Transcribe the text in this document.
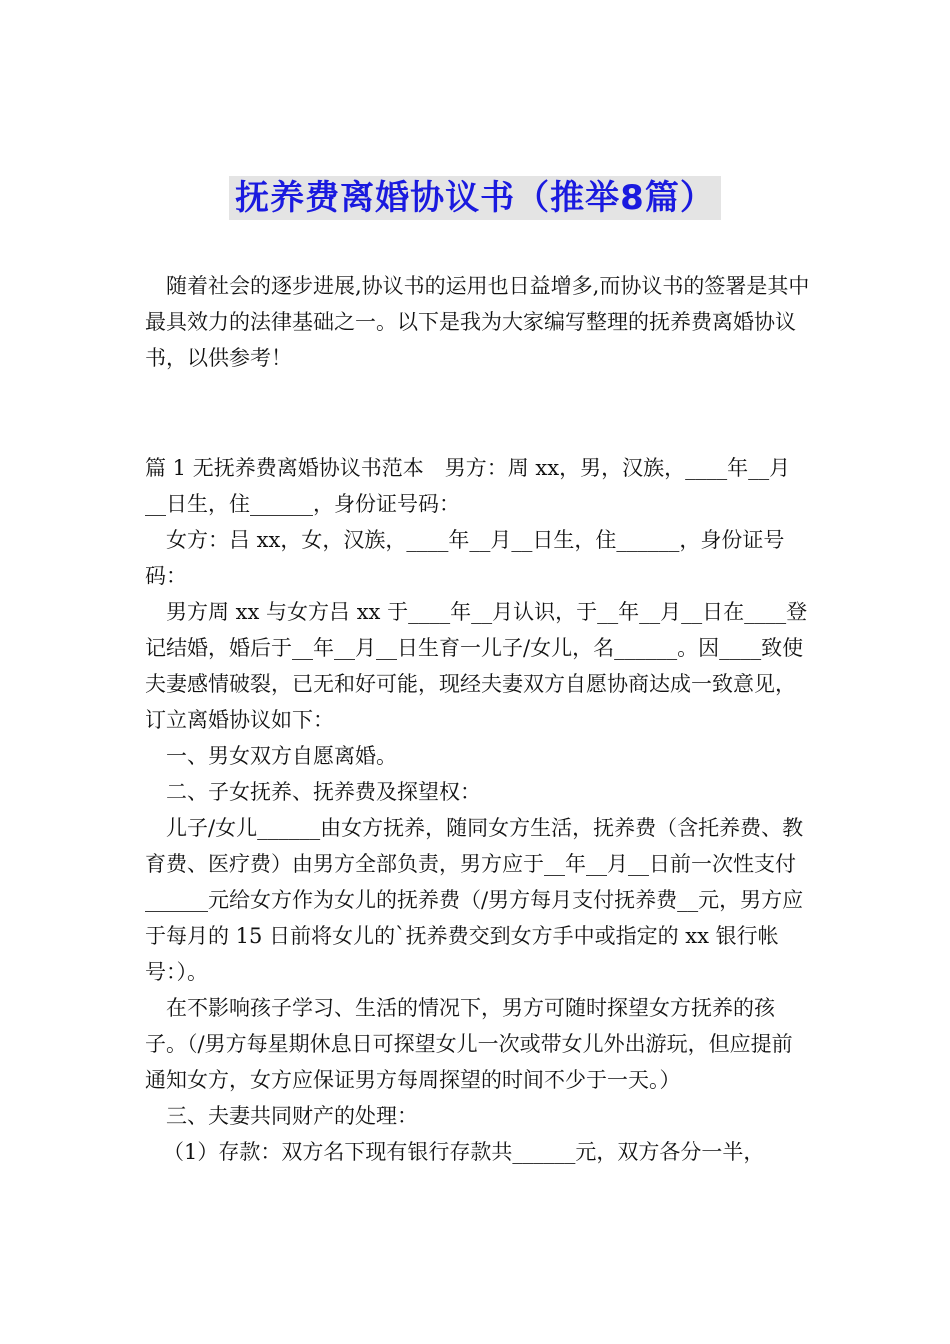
抚养费离婚协议书（推举8篇）

随着社会的逐步进展,协议书的运用也日益增多,而协议书的签署是其中最具效力的法律基础之一。以下是我为大家编写整理的抚养费离婚协议书，以供参考！

篇 1 无抚养费离婚协议书范本　男方：周 xx，男，汉族，____年__月__日生，住______，身份证号码：

女方：吕 xx，女，汉族，____年__月__日生，住______，身份证号码：

男方周 xx 与女方吕 xx 于____年__月认识，于__年__月__日在____登记结婚，婚后于__年__月__日生育一儿子/女儿，名______。因____致使夫妻感情破裂，已无和好可能，现经夫妻双方自愿协商达成一致意见，订立离婚协议如下：

一、男女双方自愿离婚。

二、子女抚养、抚养费及探望权：

儿子/女儿______由女方抚养，随同女方生活，抚养费（含托养费、教育费、医疗费）由男方全部负责，男方应于__年__月__日前一次性支付______元给女方作为女儿的抚养费（/男方每月支付抚养费__元，男方应于每月的 15 日前将女儿的`抚养费交到女方手中或指定的 xx 银行帐号：）。

在不影响孩子学习、生活的情况下，男方可随时探望女方抚养的孩子。（/男方每星期休息日可探望女儿一次或带女儿外出游玩，但应提前通知女方，女方应保证男方每周探望的时间不少于一天。）

三、夫妻共同财产的处理：

（1）存款：双方名下现有银行存款共______元，双方各分一半，
